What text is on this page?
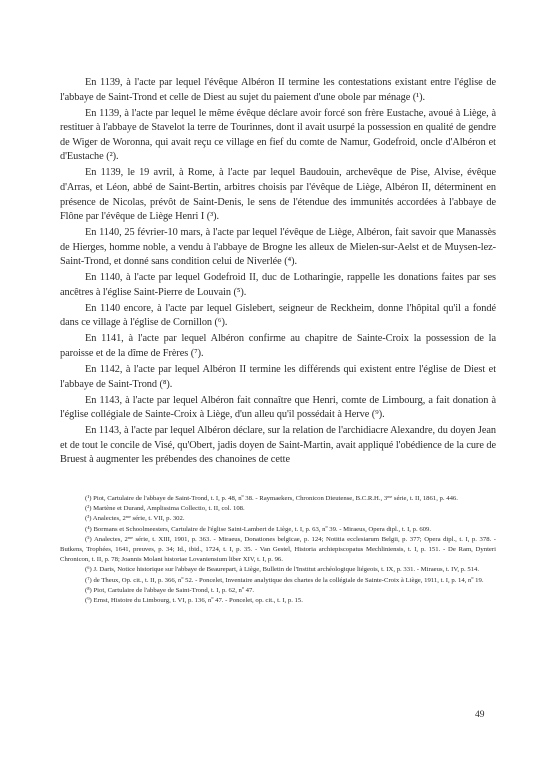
En 1139, à l'acte par lequel l'évêque Albéron II termine les contestations existant entre l'église de l'abbaye de Saint-Trond et celle de Diest au sujet du paiement d'une obole par ménage (¹).

En 1139, à l'acte par lequel le même évêque déclare avoir forcé son frère Eustache, avoué à Liège, à restituer à l'abbaye de Stavelot la terre de Tourinnes, dont il avait usurpé la possession en qualité de gendre de Wiger de Woronna, qui avait reçu ce village en fief du comte de Namur, Godefroid, oncle d'Albéron et d'Eustache (²).

En 1139, le 19 avril, à Rome, à l'acte par lequel Baudouin, archevêque de Pise, Alvise, évêque d'Arras, et Léon, abbé de Saint-Bertin, arbitres choisis par l'évêque de Liège, Albéron II, déterminent en présence de Nicolas, prévôt de Saint-Denis, le sens de l'étendue des immunités accordées à l'abbaye de Flône par l'évêque de Liège Henri I (³).

En 1140, 25 février-10 mars, à l'acte par lequel l'évêque de Liège, Albéron, fait savoir que Manassès de Hierges, homme noble, a vendu à l'abbaye de Brogne les alleux de Mielen-sur-Aelst et de Muysen-lez-Saint-Trond, et donné sans condition celui de Niverlée (⁴).

En 1140, à l'acte par lequel Godefroid II, duc de Lotharingie, rappelle les donations faites par ses ancêtres à l'église Saint-Pierre de Louvain (⁵).

En 1140 encore, à l'acte par lequel Gislebert, seigneur de Reckheim, donne l'hôpital qu'il a fondé dans ce village à l'église de Cornillon (⁶).

En 1141, à l'acte par lequel Albéron confirme au chapitre de Sainte-Croix la possession de la paroisse et de la dîme de Frères (⁷).

En 1142, à l'acte par lequel Albéron II termine les différends qui existent entre l'église de Diest et l'abbaye de Saint-Trond (⁸).

En 1143, à l'acte par lequel Albéron fait connaître que Henri, comte de Limbourg, a fait donation à l'église collégiale de Sainte-Croix à Liège, d'un alleu qu'il possédait à Herve (⁹).

En 1143, à l'acte par lequel Albéron déclare, sur la relation de l'archidiacre Alexandre, du doyen Jean et de tout le concile de Visé, qu'Obert, jadis doyen de Saint-Martin, avait appliqué l'obédience de la cure de Bruest à augmenter les prébendes des chanoines de cette

(¹) Piot, Cartulaire de l'abbaye de Saint-Trond, t. I, p. 48, nº 38. - Raymaekers, Chronicon Dieutense, B.C.R.H., 3ᵐᵉ série, t. II, 1861, p. 446.

(²) Martène et Durand, Amplissima Collectio, t. II, col. 108.

(³) Analectes, 2ᵐᵉ série, t. VII, p. 302.

(⁴) Bormans et Schoolmeesters, Cartulaire de l'église Saint-Lambert de Liège, t. I, p. 63, nº 39. - Miraeus, Opera dipl., t. I, p. 609.

(⁵) Analectes, 2ᵐᵉ série, t. XIII, 1901, p. 363. - Miraeus, Donationes belgicae, p. 124; Notitia ecclesiarum Belgii, p. 377; Opera dipl., t. I, p. 378. - Butkens, Trophées, 1641, preuves, p. 34; Id., ibid., 1724, t. I, p. 35. - Van Gestel, Historia archiepiscopatus Mechliniensis, t. I, p. 151. - De Ram, Dynteri Chronicon, t. II, p. 78; Joannis Molani historiae Lovaniensium liber XIV, t. I, p. 96.

(⁶) J. Daris, Notice historique sur l'abbaye de Beaurepart, à Liège, Bulletin de l'Institut archéologique liégeois, t. IX, p. 331. - Miraeus, t. IV, p. 514.

(⁷) de Theux, Op. cit., t. II, p. 366, nº 52. - Poncelet, Inventaire analytique des chartes de la collégiale de Sainte-Croix à Liège, 1911, t. I, p. 14, nº 19.

(⁸) Piot, Cartulaire de l'abbaye de Saint-Trond, t. I, p. 62, nº 47.

(⁹) Ernst, Histoire du Limbourg, t. VI, p. 136, nº 47. - Poncelet, op. cit., t. I, p. 15.

49
